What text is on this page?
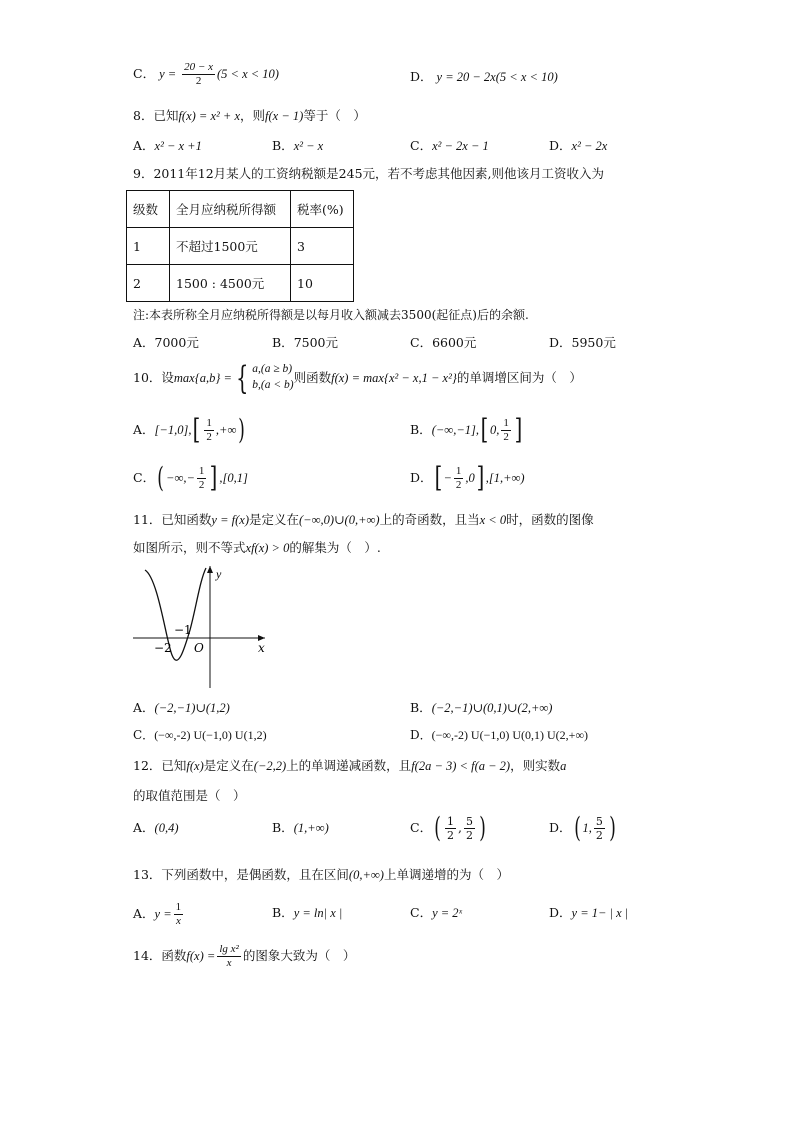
C． $y = \frac{20 - x}{2} (5 < x < 10)$	D． y = 20 − 2x(5 < x < 10)
8．已知f(x) = x² + x，则f(x − 1)等于（　）
A．x² − x +1	B．x² − x	C．x² − 2x − 1	D．x² − 2x
9．2011年12月某人的工资纳税额是245元，若不考虑其他因素,则他该月工资收入为
级数	全月应纳税所得额	税率(%)
1	不超过1500元	3
2	1500 : 4500元	10
注:本表所称全月应纳税所得额是以每月收入额减去3500(起征点)后的余额.
A．7000元	B．7500元	C．6600元	D．5950元
10．设 max{a,b} = { a,(a ≥ b)
b,(a < b)
则函数 f(x) = max{x² − x,1 − x²} 的单调增区间为（　）
A． [−1,0], [ $\frac{1}{2}$ ,+∞ )	B． (−∞,−1], [ 0, $\frac{1}{2}$ ]
C． ( −∞,− $\frac{1}{2}$ ] ,[0,1]	D． [ − $\frac{1}{2} ,0$ ] ,[1,+∞)
11．已知函数y = f(x)是定义在(−∞,0)∪(0,+∞)上的奇函数，且当x < 0时，函数的图像
如图所示，则不等式xf(x) > 0的解集为（　）.
y
x
O
−2
−1
A．(−2,−1)∪(1,2)	B．(−2,−1)∪(0,1)∪(2,+∞)
C．(−∞,-2) U(−1,0) U(1,2)	D．(−∞,-2) U(−1,0) U(0,1) U(2,+∞)
12．已知f(x)是定义在(−2,2)上的单调递减函数，且f(2a − 3) < f(a − 2)，则实数a
的取值范围是（　）
A． (0,4)	B． (1,+∞)	C． ( $\frac{1}{2}$ , $\frac{5}{2}$ )	D． ( 1, $\frac{5}{2}$ )
13．下列函数中，是偶函数，且在区间(0,+∞)上单调递增的为（　）
A． $y = \frac{1}{x}$	B．y = ln| x |	C．y = 2ˣ	D．y = 1− | x |
14．函数 $f(x) = \frac{\text{lg x²}}{x}$ 的图象大致为（　）
